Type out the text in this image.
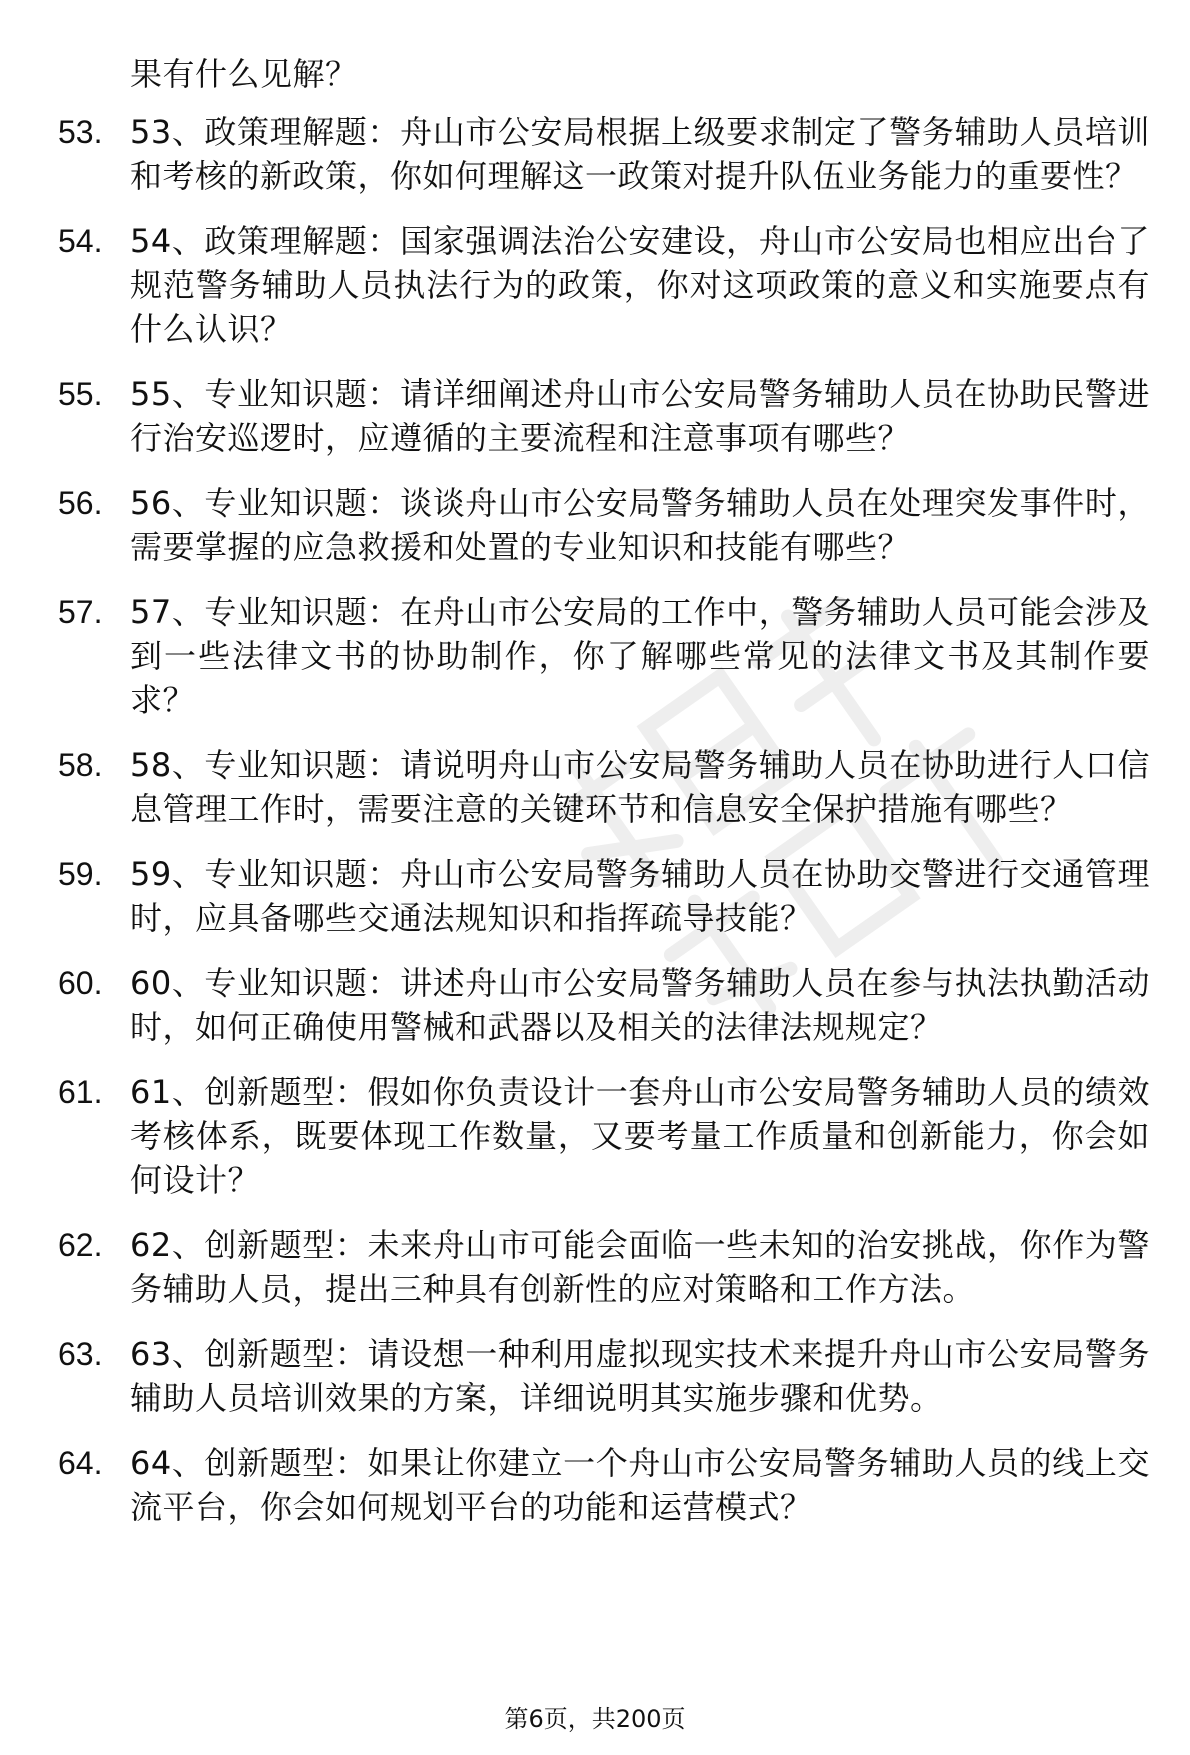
果有什么见解？
53. 53、政策理解题：舟山市公安局根据上级要求制定了警务辅助人员培训和考核的新政策，你如何理解这一政策对提升队伍业务能力的重要性？
54. 54、政策理解题：国家强调法治公安建设，舟山市公安局也相应出台了规范警务辅助人员执法行为的政策，你对这项政策的意义和实施要点有什么认识？
55. 55、专业知识题：请详细阐述舟山市公安局警务辅助人员在协助民警进行治安巡逻时，应遵循的主要流程和注意事项有哪些？
56. 56、专业知识题：谈谈舟山市公安局警务辅助人员在处理突发事件时，需要掌握的应急救援和处置的专业知识和技能有哪些？
57. 57、专业知识题：在舟山市公安局的工作中，警务辅助人员可能会涉及到一些法律文书的协助制作，你了解哪些常见的法律文书及其制作要求？
58. 58、专业知识题：请说明舟山市公安局警务辅助人员在协助进行人口信息管理工作时，需要注意的关键环节和信息安全保护措施有哪些？
59. 59、专业知识题：舟山市公安局警务辅助人员在协助交警进行交通管理时，应具备哪些交通法规知识和指挥疏导技能？
60. 60、专业知识题：讲述舟山市公安局警务辅助人员在参与执法执勤活动时，如何正确使用警械和武器以及相关的法律法规规定？
61. 61、创新题型：假如你负责设计一套舟山市公安局警务辅助人员的绩效考核体系，既要体现工作数量，又要考量工作质量和创新能力，你会如何设计？
62. 62、创新题型：未来舟山市可能会面临一些未知的治安挑战，你作为警务辅助人员，提出三种具有创新性的应对策略和工作方法。
63. 63、创新题型：请设想一种利用虚拟现实技术来提升舟山市公安局警务辅助人员培训效果的方案，详细说明其实施步骤和优势。
64. 64、创新题型：如果让你建立一个舟山市公安局警务辅助人员的线上交流平台，你会如何规划平台的功能和运营模式？
第6页，共200页
